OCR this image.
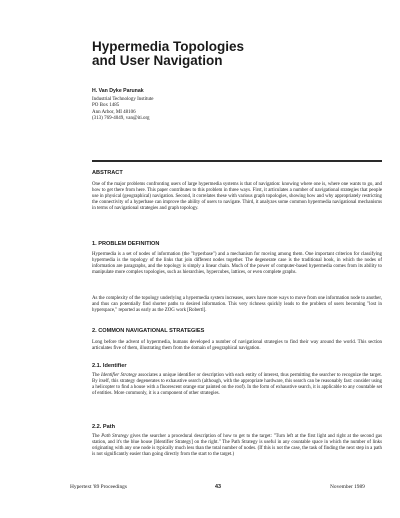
Hypermedia Topologies
and User Navigation
H. Van Dyke Parunak
Industrial Technology Institute
PO Box 1485
Ann Arbor, MI 48106
(313) 769-4049, van@iti.org
ABSTRACT

One of the major problems confronting users of large hypermedia systems is that of navigation: knowing where one is, where one wants to go, and how to get there from here. This paper contributes to this problem in three ways. First, it articulates a number of navigational strategies that people use in physical (geographical) navigation. Second, it correlates these with various graph topologies, showing how and why appropriately restricting the connectivity of a hyperbase can improve the ability of users to navigate. Third, it analyzes some common hypermedia navigational mechanisms in terms of navigational strategies and graph topology.

1. PROBLEM DEFINITION

Hypermedia is a set of nodes of information (the "hyperbase") and a mechanism for moving among them. One important criterion for classifying hypermedia is the topology of the links that join different nodes together. The degenerate case is the traditional book, in which the nodes of information are paragraphs, and the topology is simply a linear chain. Much of the power of computer-based hypermedia comes from its ability to manipulate more complex topologies, such as hierarchies, hypercubes, lattices, or even complete graphs.

As the complexity of the topology underlying a hypermedia system increases, users have more ways to move from one information node to another, and thus can potentially find shorter paths to desired information. This very richness quickly leads to the problem of users becoming "lost in hyperspace," reported as early as the ZOG work [Robertl].

2. COMMON NAVIGATIONAL STRATEGIES

Long before the advent of hypermedia, humans developed a number of navigational strategies to find their way around the world. This section articulates five of them, illustrating them from the domain of geographical navigation.

2.1. Identifier

The Identifier Strategy associates a unique identifier or description with each entity of interest, thus permitting the searcher to recognize the target. By itself, this strategy degenerates to exhaustive search (although, with the appropriate hardware, this search can be reasonably fast: consider using a helicopter to find a house with a fluorescent orange star painted on the roof). In the form of exhaustive search, it is applicable to any countable set of entities. More commonly, it is a component of other strategies.

2.2. Path

The Path Strategy gives the searcher a procedural description of how to get to the target: "Turn left at the first light and right at the second gas station, and it's the blue house [Identifier Strategy] on the right." The Path Strategy is useful in any countable space in which the number of links originating with any one node is typically much less than the total number of nodes. (If this is not the case, the task of finding the next step in a path is not significantly easier than going directly from the start to the target.)

Hypertext '89 Proceedings	43	November 1989
